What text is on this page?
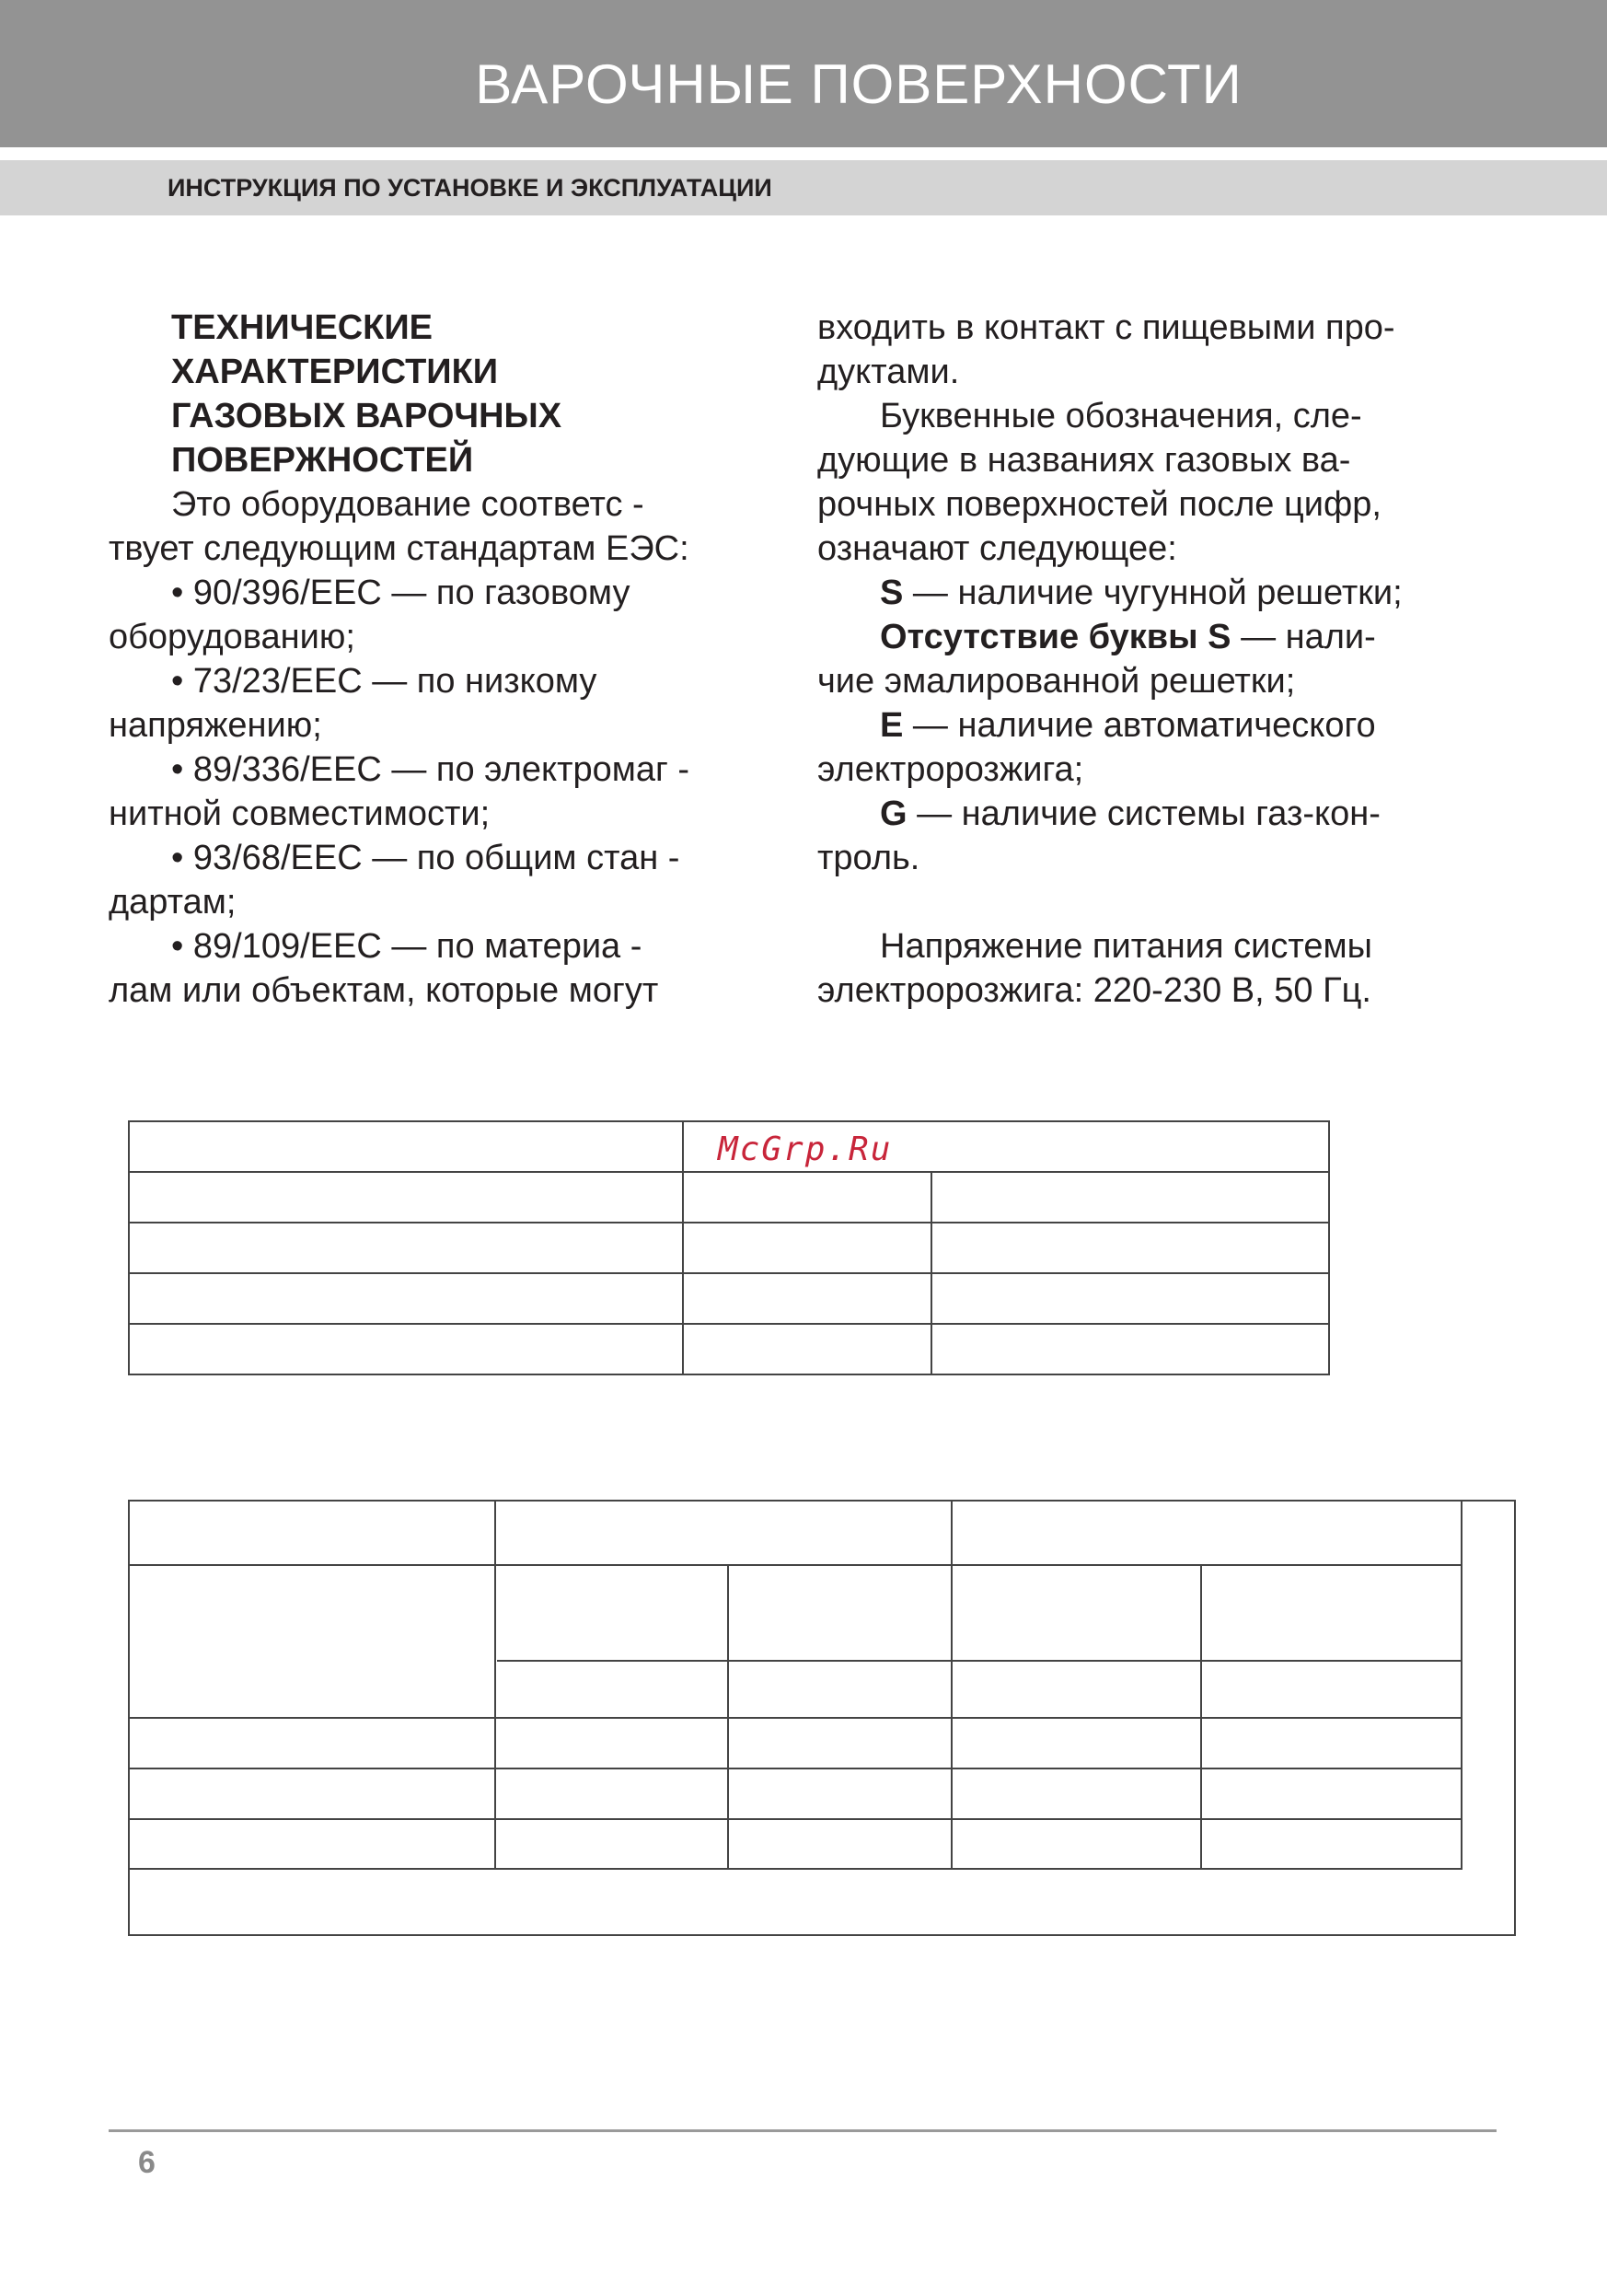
ВАРОЧНЫЕ ПОВЕРХНОСТИ
ИНСТРУКЦИЯ ПО УСТАНОВКЕ И ЭКСПЛУАТАЦИИ

ТЕХНИЧЕСКИЕ

ХАРАКТЕРИСТИКИ

ГАЗОВЫХ ВАРОЧНЫХ

ПОВЕРЖНОСТЕЙ

Это оборудование соответс -

твует следующим стандартам ЕЭС:

• 90/396/EEC — по газовому

оборудованию;

• 73/23/EEC — по низкому

напряжению;

• 89/336/EEC — по электромаг -

нитной совместимости;

• 93/68/EEC — по общим стан -

дартам;

• 89/109/EEC — по материа -

лам или объектам, которые могут

входить в контакт с пищевыми про-

дуктами.

Буквенные обозначения, сле-

дующие в названиях газовых ва-

рочных поверхностей после цифр,

означают следующее:

S — наличие чугунной решетки;

Отсутствие буквы S — нали-

чие эмалированной решетки;

E — наличие автоматического

электророзжига;

G — наличие системы газ-кон-

троль.

Напряжение питания системы

электророзжига: 220-230 В, 50 Гц.

McGrp.Ru
6
